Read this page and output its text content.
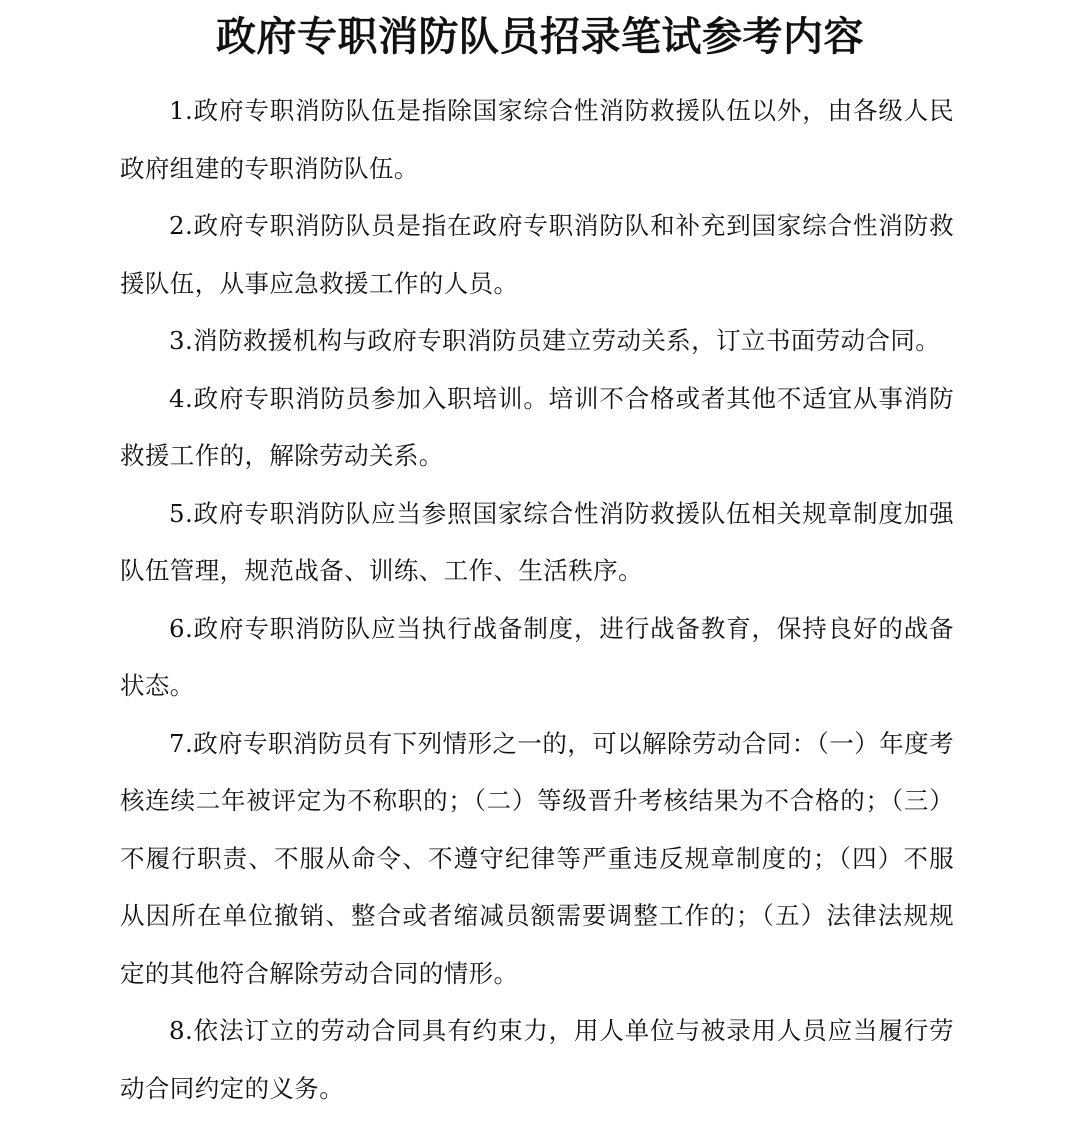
政府专职消防队员招录笔试参考内容

1.政府专职消防队伍是指除国家综合性消防救援队伍以外，由各级人民政府组建的专职消防队伍。

2.政府专职消防队员是指在政府专职消防队和补充到国家综合性消防救援队伍，从事应急救援工作的人员。

3.消防救援机构与政府专职消防员建立劳动关系，订立书面劳动合同。

4.政府专职消防员参加入职培训。培训不合格或者其他不适宜从事消防救援工作的，解除劳动关系。

5.政府专职消防队应当参照国家综合性消防救援队伍相关规章制度加强队伍管理，规范战备、训练、工作、生活秩序。

6.政府专职消防队应当执行战备制度，进行战备教育，保持良好的战备状态。

7.政府专职消防员有下列情形之一的，可以解除劳动合同：（一）年度考核连续二年被评定为不称职的；（二）等级晋升考核结果为不合格的；（三）不履行职责、不服从命令、不遵守纪律等严重违反规章制度的；（四）不服从因所在单位撤销、整合或者缩减员额需要调整工作的；（五）法律法规规定的其他符合解除劳动合同的情形。

8.依法订立的劳动合同具有约束力，用人单位与被录用人员应当履行劳动合同约定的义务。
